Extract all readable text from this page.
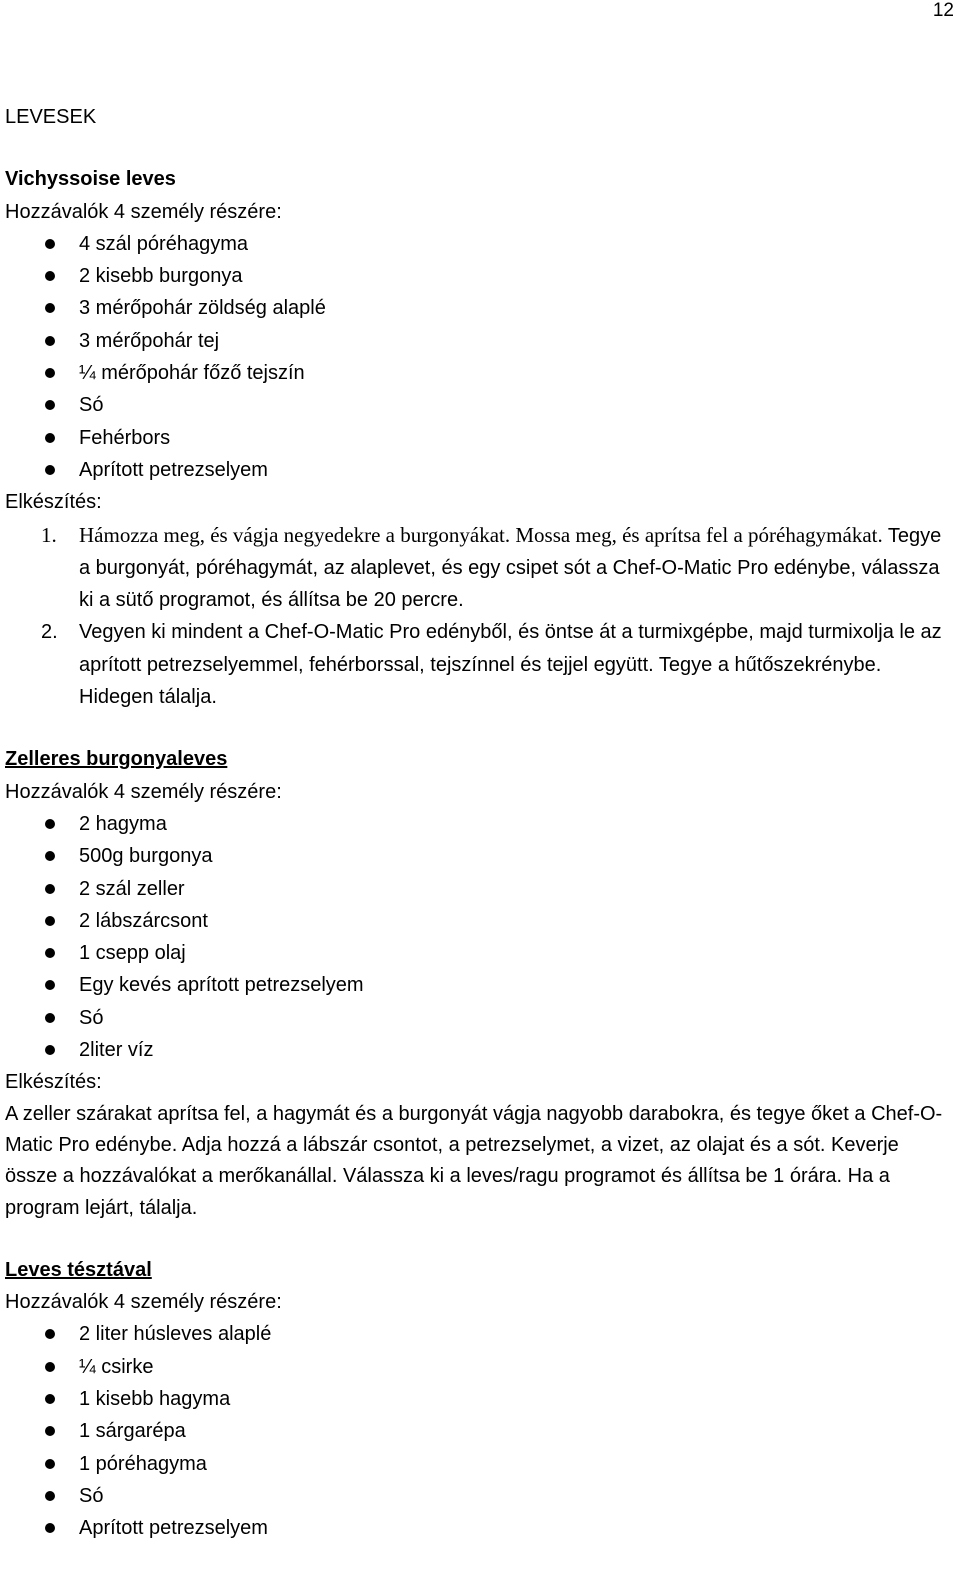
12
LEVESEK
Vichyssoise leves
Hozzávalók 4 személy részére:
4 szál póréhagyma
2 kisebb burgonya
3 mérőpohár zöldség alaplé
3 mérőpohár tej
¼ mérőpohár főző tejszín
Só
Fehérbors
Aprított petrezselyem
Elkészítés:
1. Hámozza meg, és vágja negyedekre a burgonyákat. Mossa meg, és aprítsa fel a póréhagymákat. Tegye a burgonyát, póréhagymát, az alaplevet, és egy csipet sót a Chef-O-Matic Pro edénybe, válassza ki a sütő programot, és állítsa be 20 percre.
2. Vegyen ki mindent a Chef-O-Matic Pro edényből, és öntse át a turmixgépbe, majd turmixolja le az aprított petrezselyemmel, fehérborssal, tejszínnel és tejjel együtt. Tegye a hűtőszekrénybe. Hidegen tálalja.
Zelleres burgonyaleves
Hozzávalók 4 személy részére:
2 hagyma
500g burgonya
2 szál zeller
2 lábszárcsont
1 csepp olaj
Egy kevés aprított petrezselyem
Só
2liter víz
Elkészítés:
A zeller szárakat aprítsa fel, a hagymát és a burgonyát vágja nagyobb darabokra, és tegye őket a Chef-O-Matic Pro edénybe. Adja hozzá a lábszár csontot, a petrezselymet, a vizet, az olajat és a sót. Keverje össze a hozzávalókat a merőkanállal. Válassza ki a leves/ragu programot és állítsa be 1 órára. Ha a program lejárt, tálalja.
Leves tésztával
Hozzávalók 4 személy részére:
2 liter húsleves alaplé
¼ csirke
1 kisebb hagyma
1 sárgarépa
1 póréhagyma
Só
Aprított petrezselyem
